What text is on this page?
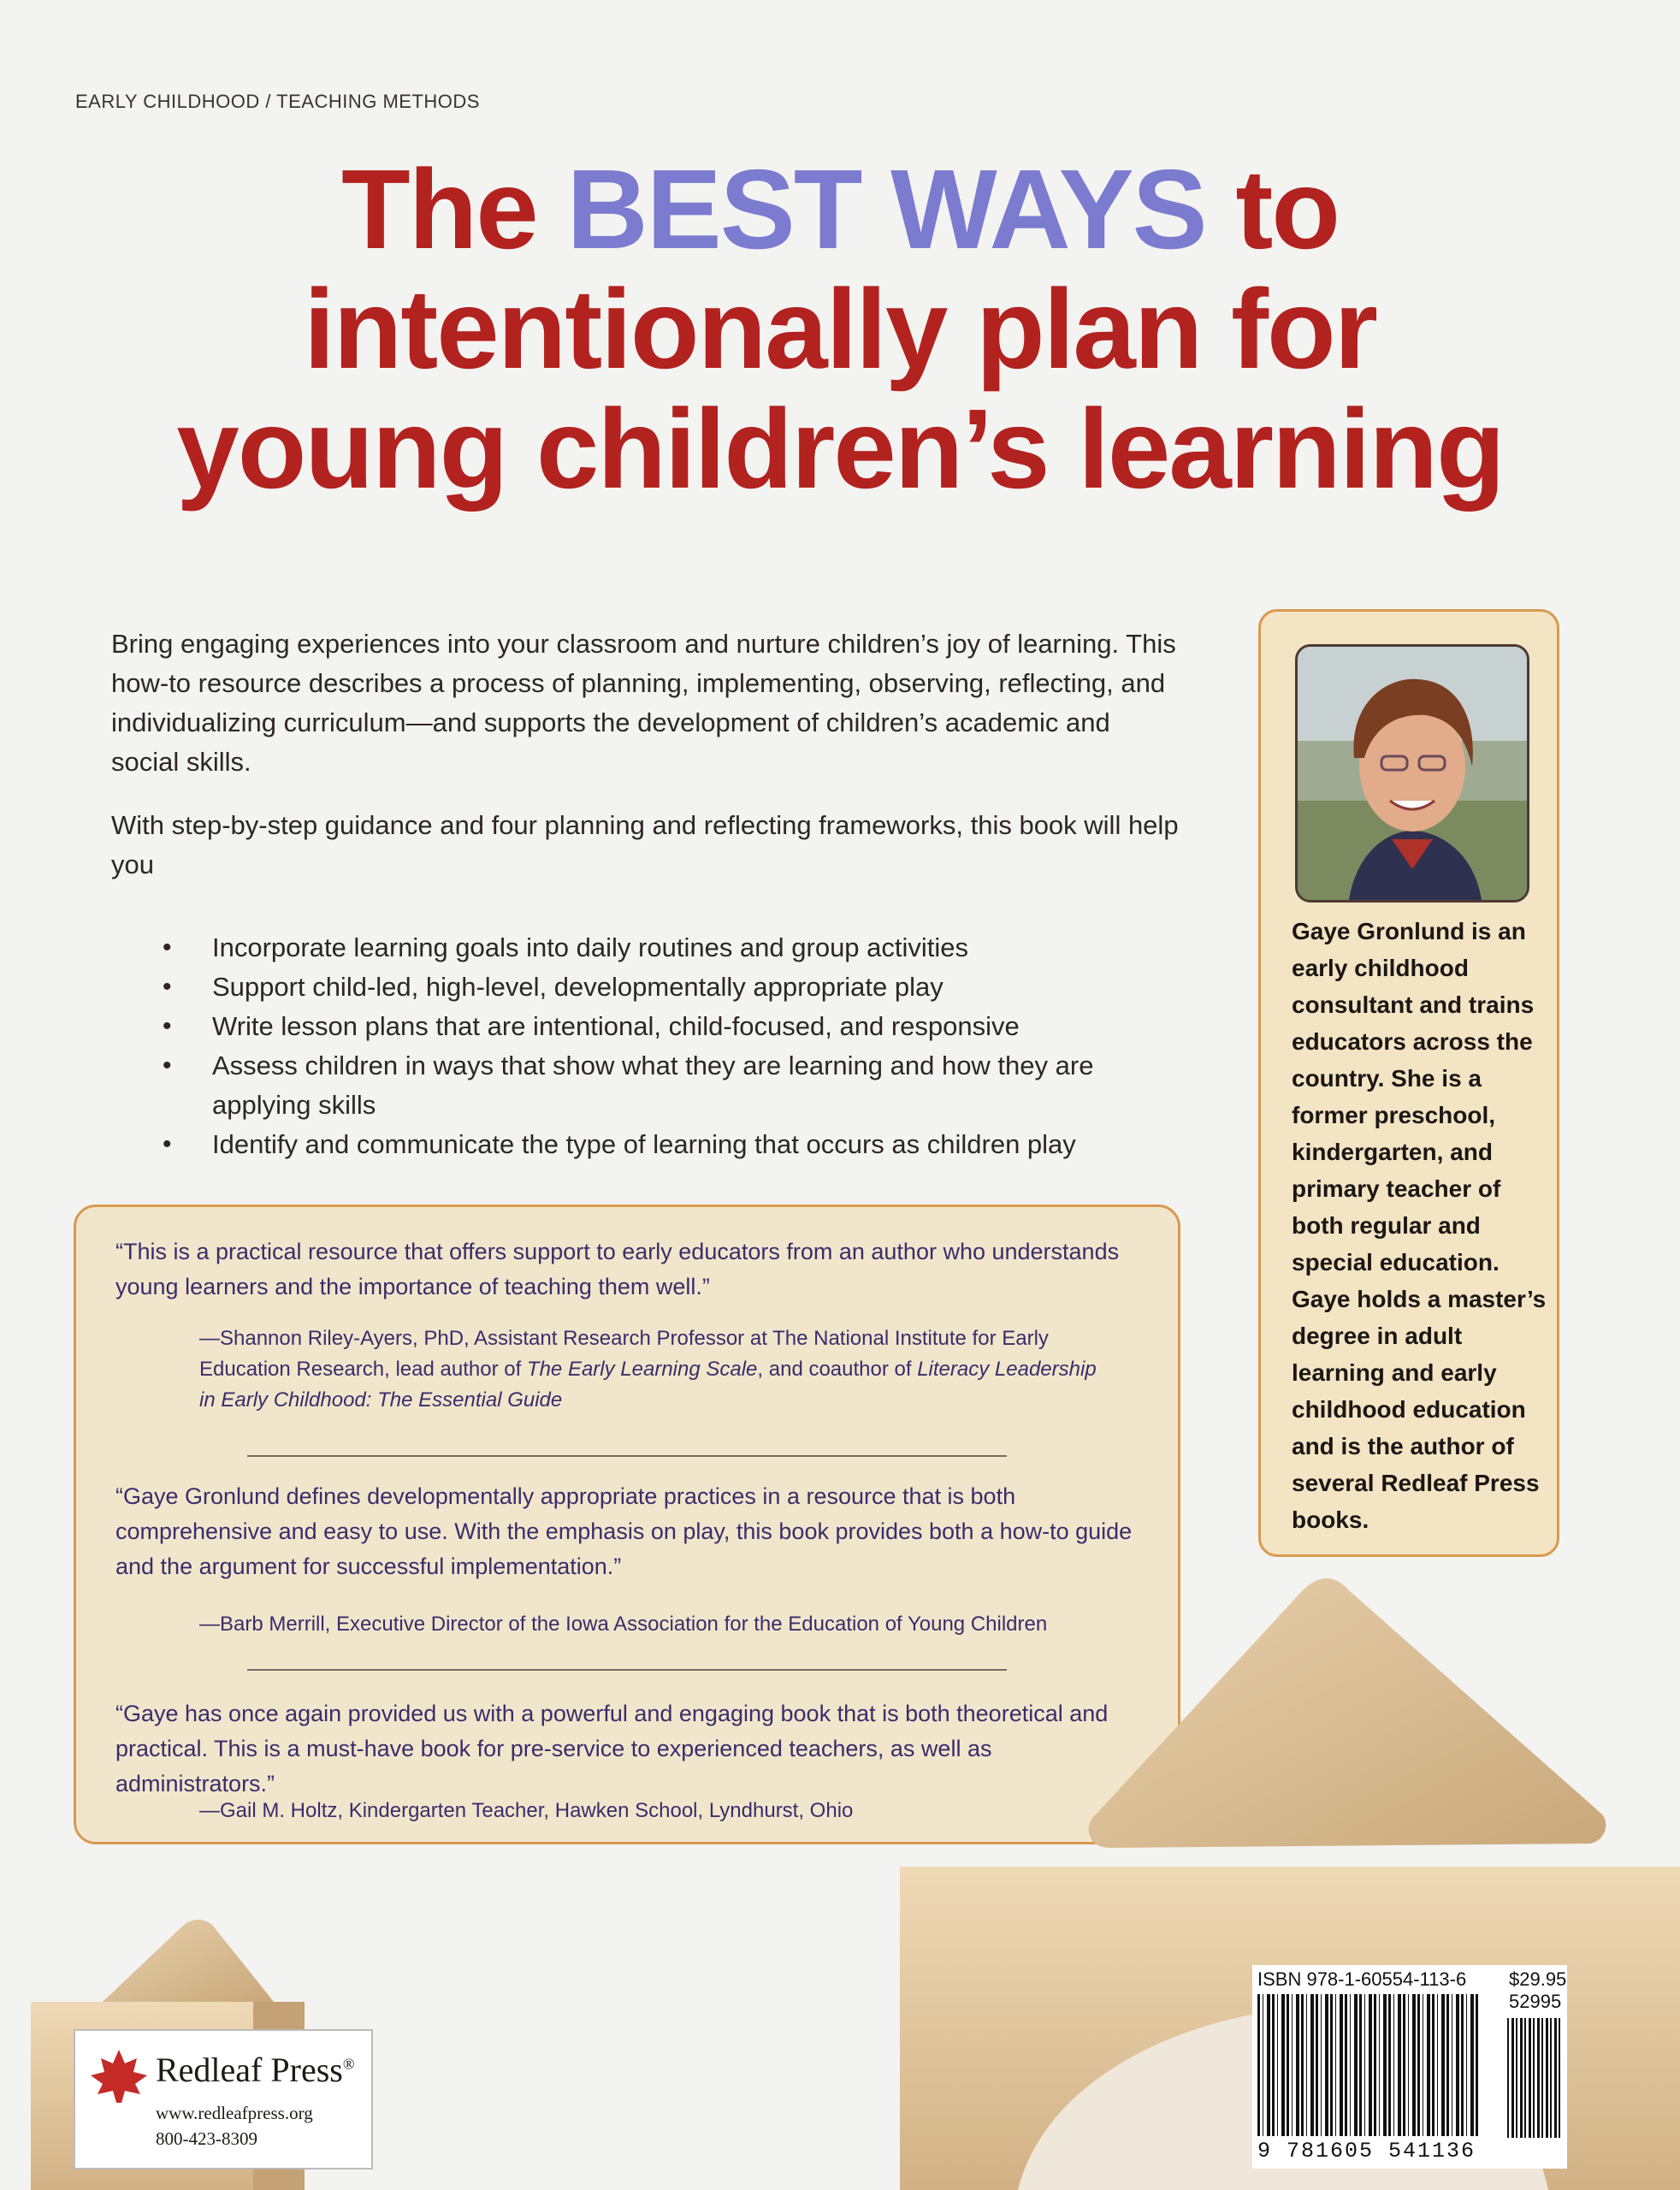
EARLY CHILDHOOD / TEACHING METHODS
The BEST WAYS to
intentionally plan for
young children’s learning

Bring engaging experiences into your classroom and nurture children’s joy of learning. This how-to resource describes a process of planning, implementing, observing, reflecting, and individualizing curriculum—and supports the development of children’s academic and social skills.

With step-by-step guidance and four planning and reflecting frameworks, this book will help you

• Incorporate learning goals into daily routines and group activities
• Support child-led, high-level, developmentally appropriate play
• Write lesson plans that are intentional, child-focused, and responsive
• Assess children in ways that show what they are learning and how they are applying skills
• Identify and communicate the type of learning that occurs as children play
Gaye Gronlund is an early childhood consultant and trains educators across the country. She is a former preschool, kindergarten, and primary teacher of both regular and special education. Gaye holds a master’s degree in adult learning and early childhood education and is the author of several Redleaf Press books.
“This is a practical resource that offers support to early educators from an author who understands young learners and the importance of teaching them well.”
—Shannon Riley-Ayers, PhD, Assistant Research Professor at The National Institute for Early Education Research, lead author of The Early Learning Scale, and coauthor of Literacy Leadership in Early Childhood: The Essential Guide
“Gaye Gronlund defines developmentally appropriate practices in a resource that is both comprehensive and easy to use. With the emphasis on play, this book provides both a how-to guide and the argument for successful implementation.”
—Barb Merrill, Executive Director of the Iowa Association for the Education of Young Children
“Gaye has once again provided us with a powerful and engaging book that is both theoretical and practical. This is a must-have book for pre-service to experienced teachers, as well as administrators.”
—Gail M. Holtz, Kindergarten Teacher, Hawken School, Lyndhurst, Ohio
Redleaf Press®
www.redleafpress.org
800-423-8309
ISBN 978-1-60554-113-6 $29.95
52995
9 781605 541136
